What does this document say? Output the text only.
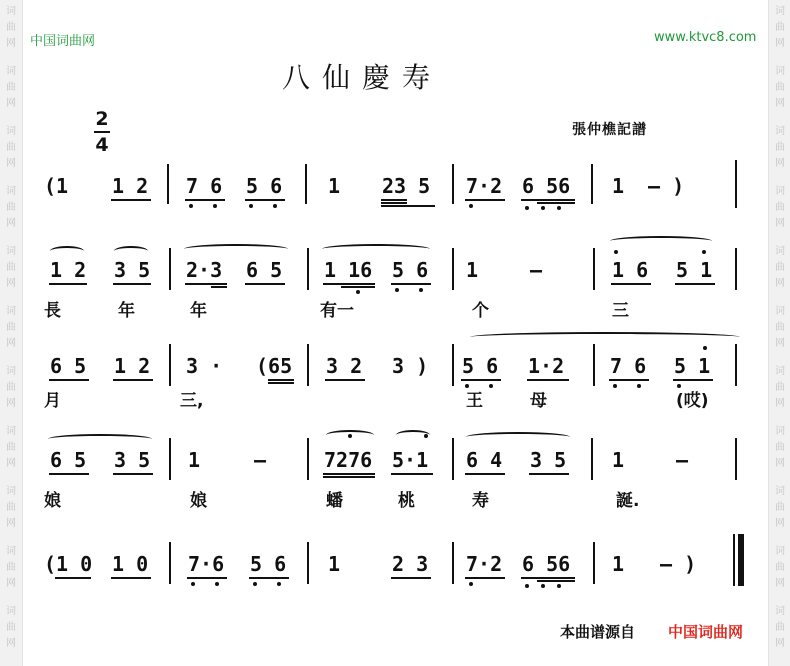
词
曲
网
词
曲
网
词
曲
网
词
曲
网
词
曲
网
词
曲
网
词
曲
网
词
曲
网
词
曲
网
词
曲
网
词
曲
网
词
曲
网
词
曲
网
词
曲
网
词
曲
网
词
曲
网
词
曲
网
词
曲
网
词
曲
网
词
曲
网
词
曲
网
词
曲
网
中国词曲网	www.ktvc8.com
八仙慶寿
2
4
張仲樵記譜
(1 1 2 7 6 5 6 1 23 5 7·2 6 56 1 – )
1 2 3 5 2·3 6 5 1 16 5 6 1	–	1 6 5 1
長	年	年	有一	个	三
6 5 1 2 3 · (65 3 2 3 ) 5 6 1·2 7 6 5 1
月	三,	王	母	(哎)
6 5 3 5 1	–	7276 5·1 6 4 3 5 1	–
娘	娘	蟠	桃	寿	誕.
(1 0 1 0 7·6 5 6 1	2 3 7·2 6 56 1 – )
本曲谱源自 中国词曲网
